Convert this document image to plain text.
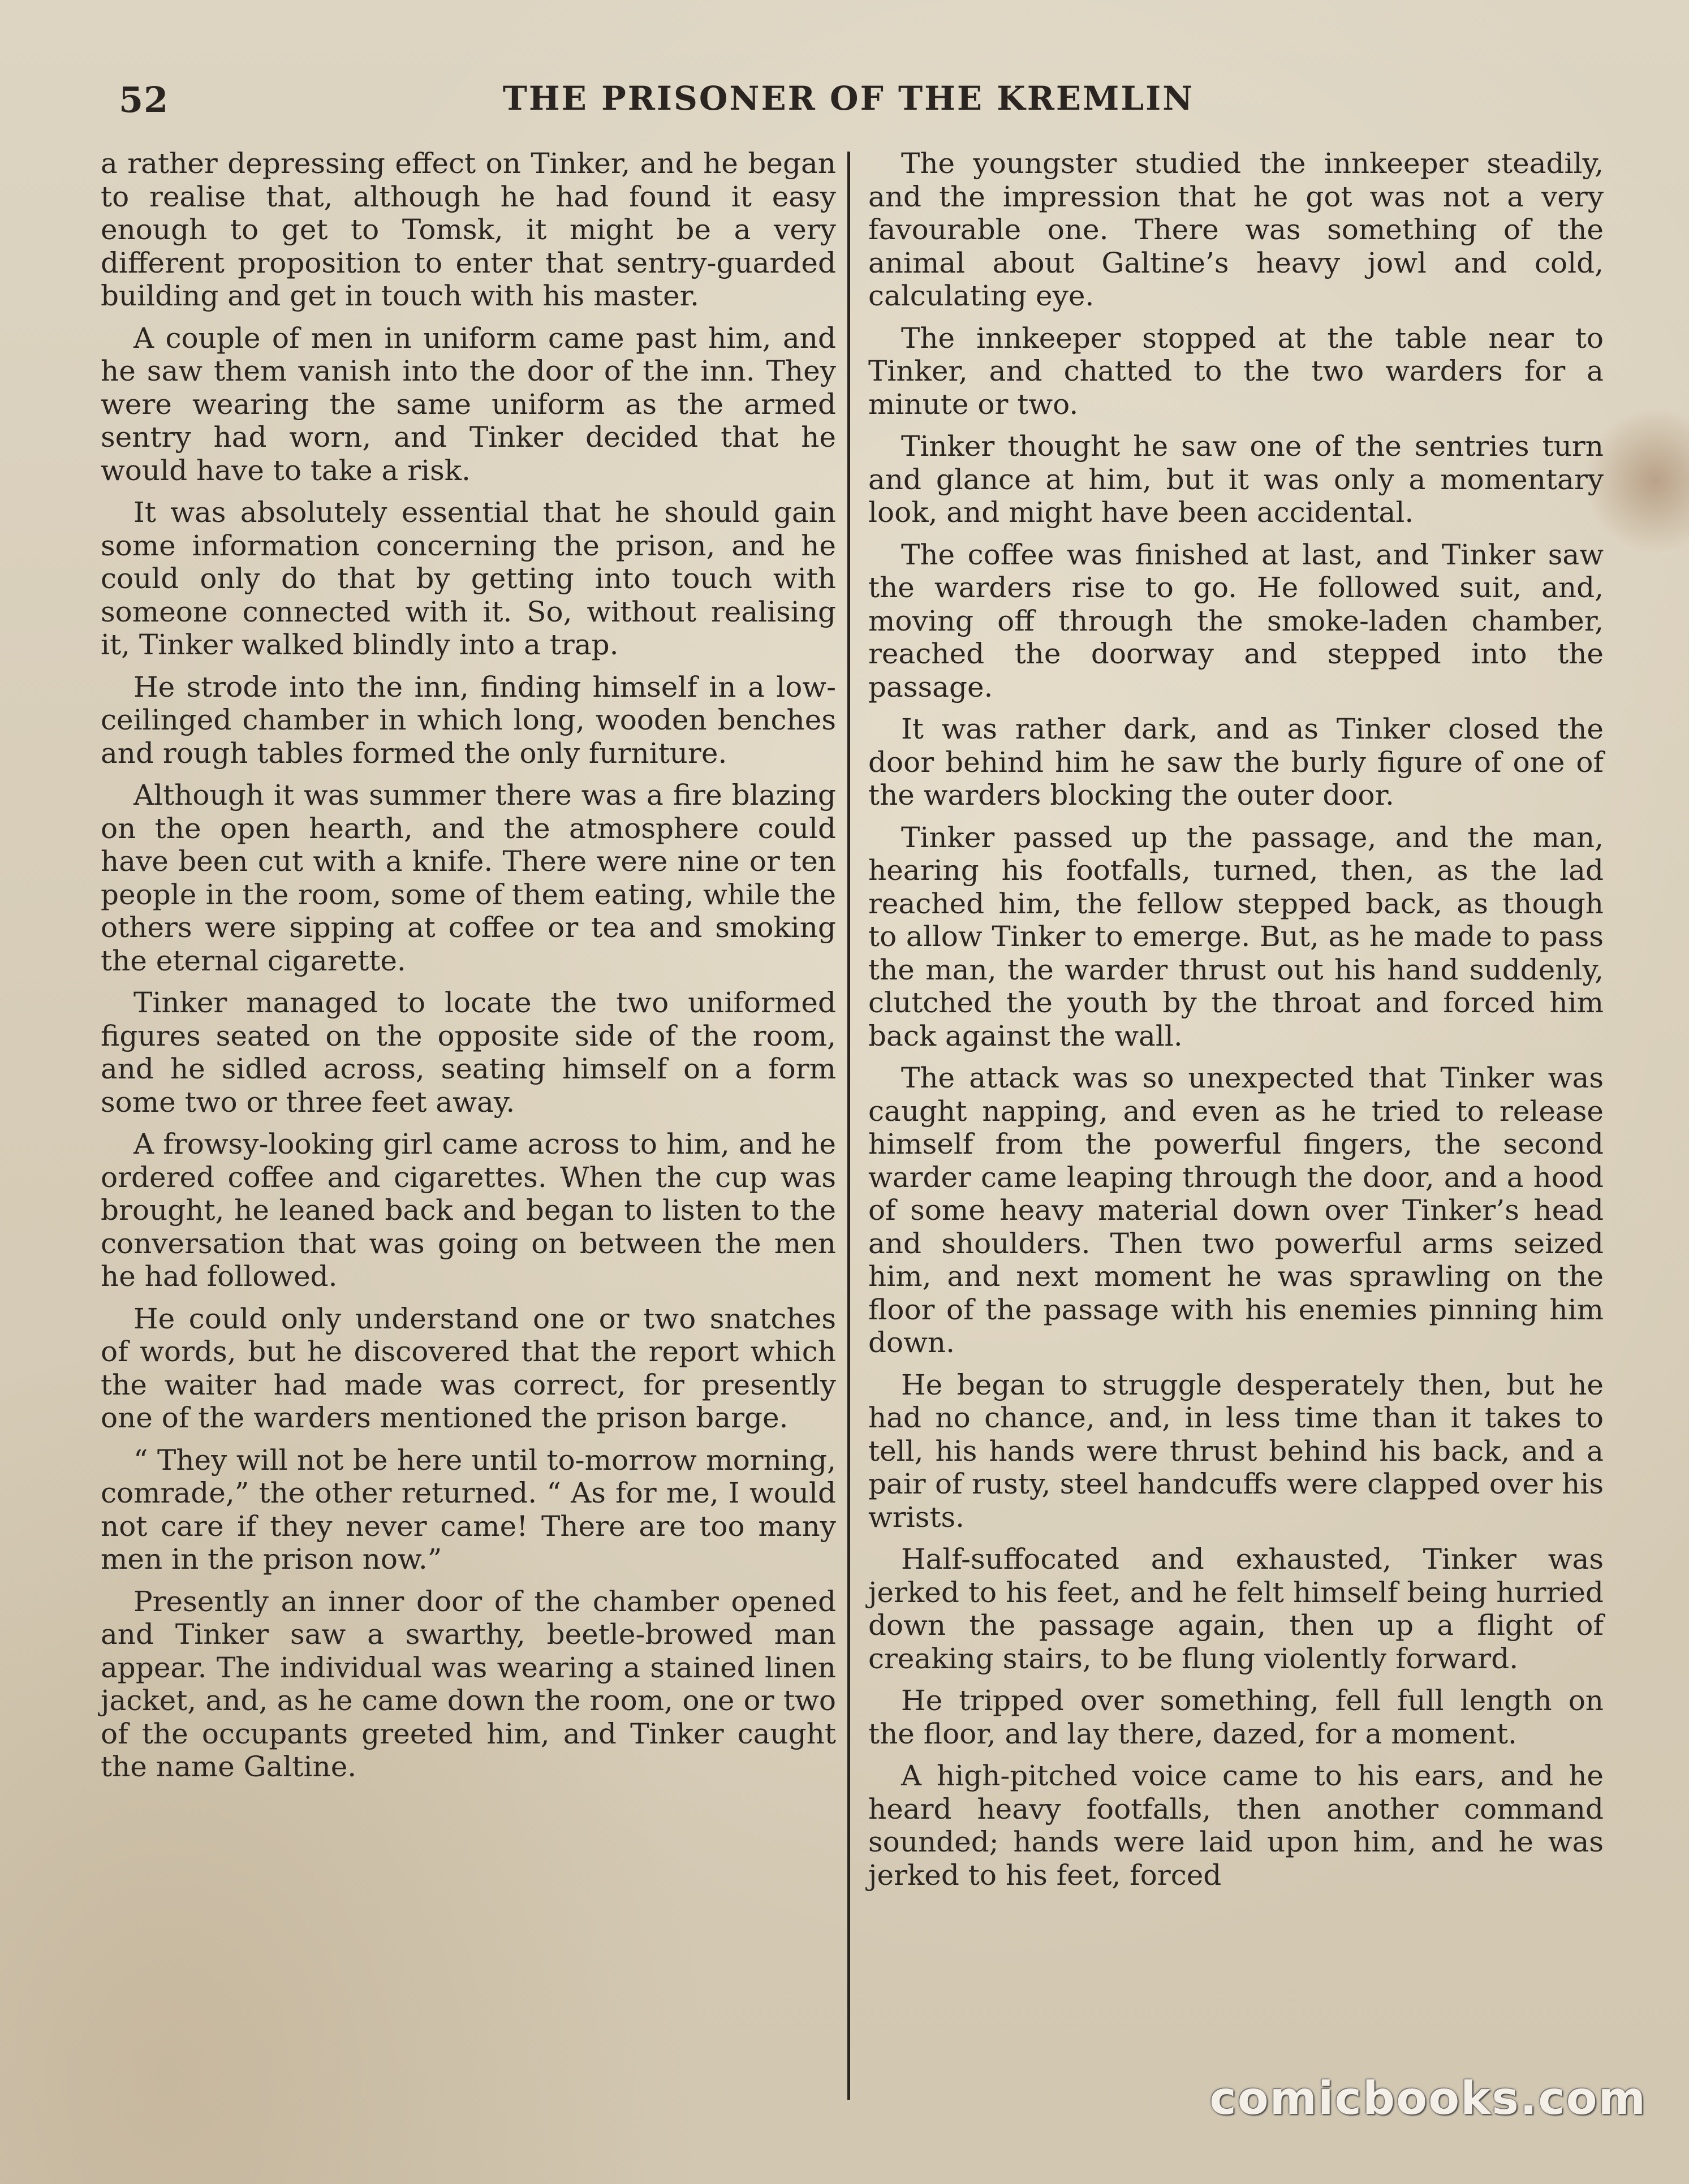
52	THE PRISONER OF THE KREMLIN

a rather depressing effect on Tinker, and he began to realise that, although he had found it easy enough to get to Tomsk, it might be a very different proposition to enter that sentry-guarded building and get in touch with his master.

A couple of men in uniform came past him, and he saw them vanish into the door of the inn. They were wearing the same uniform as the armed sentry had worn, and Tinker decided that he would have to take a risk.

It was absolutely essential that he should gain some information concerning the prison, and he could only do that by getting into touch with someone connected with it. So, without realising it, Tinker walked blindly into a trap.

He strode into the inn, finding himself in a low-ceilinged chamber in which long, wooden benches and rough tables formed the only furniture.

Although it was summer there was a fire blazing on the open hearth, and the atmosphere could have been cut with a knife. There were nine or ten people in the room, some of them eating, while the others were sipping at coffee or tea and smoking the eternal cigarette.

Tinker managed to locate the two uniformed figures seated on the opposite side of the room, and he sidled across, seating himself on a form some two or three feet away.

A frowsy-looking girl came across to him, and he ordered coffee and cigarettes. When the cup was brought, he leaned back and began to listen to the conversation that was going on between the men he had followed.

He could only understand one or two snatches of words, but he discovered that the report which the waiter had made was correct, for presently one of the warders mentioned the prison barge.

“ They will not be here until to-morrow morning, comrade,” the other returned. “ As for me, I would not care if they never came! There are too many men in the prison now.”

Presently an inner door of the chamber opened and Tinker saw a swarthy, beetle-browed man appear. The individual was wearing a stained linen jacket, and, as he came down the room, one or two of the occupants greeted him, and Tinker caught the name Galtine.

The youngster studied the innkeeper steadily, and the impression that he got was not a very favourable one. There was something of the animal about Galtine’s heavy jowl and cold, calculating eye.

The innkeeper stopped at the table near to Tinker, and chatted to the two warders for a minute or two.

Tinker thought he saw one of the sentries turn and glance at him, but it was only a momentary look, and might have been accidental.

The coffee was finished at last, and Tinker saw the warders rise to go. He followed suit, and, moving off through the smoke-laden chamber, reached the doorway and stepped into the passage.

It was rather dark, and as Tinker closed the door behind him he saw the burly figure of one of the warders blocking the outer door.

Tinker passed up the passage, and the man, hearing his footfalls, turned, then, as the lad reached him, the fellow stepped back, as though to allow Tinker to emerge. But, as he made to pass the man, the warder thrust out his hand suddenly, clutched the youth by the throat and forced him back against the wall.

The attack was so unexpected that Tinker was caught napping, and even as he tried to release himself from the powerful fingers, the second warder came leaping through the door, and a hood of some heavy material down over Tinker’s head and shoulders. Then two powerful arms seized him, and next moment he was sprawling on the floor of the passage with his enemies pinning him down.

He began to struggle desperately then, but he had no chance, and, in less time than it takes to tell, his hands were thrust behind his back, and a pair of rusty, steel handcuffs were clapped over his wrists.

Half-suffocated and exhausted, Tinker was jerked to his feet, and he felt himself being hurried down the passage again, then up a flight of creaking stairs, to be flung violently forward.

He tripped over something, fell full length on the floor, and lay there, dazed, for a moment.

A high-pitched voice came to his ears, and he heard heavy footfalls, then another command sounded; hands were laid upon him, and he was jerked to his feet, forced

comicbooks.com
